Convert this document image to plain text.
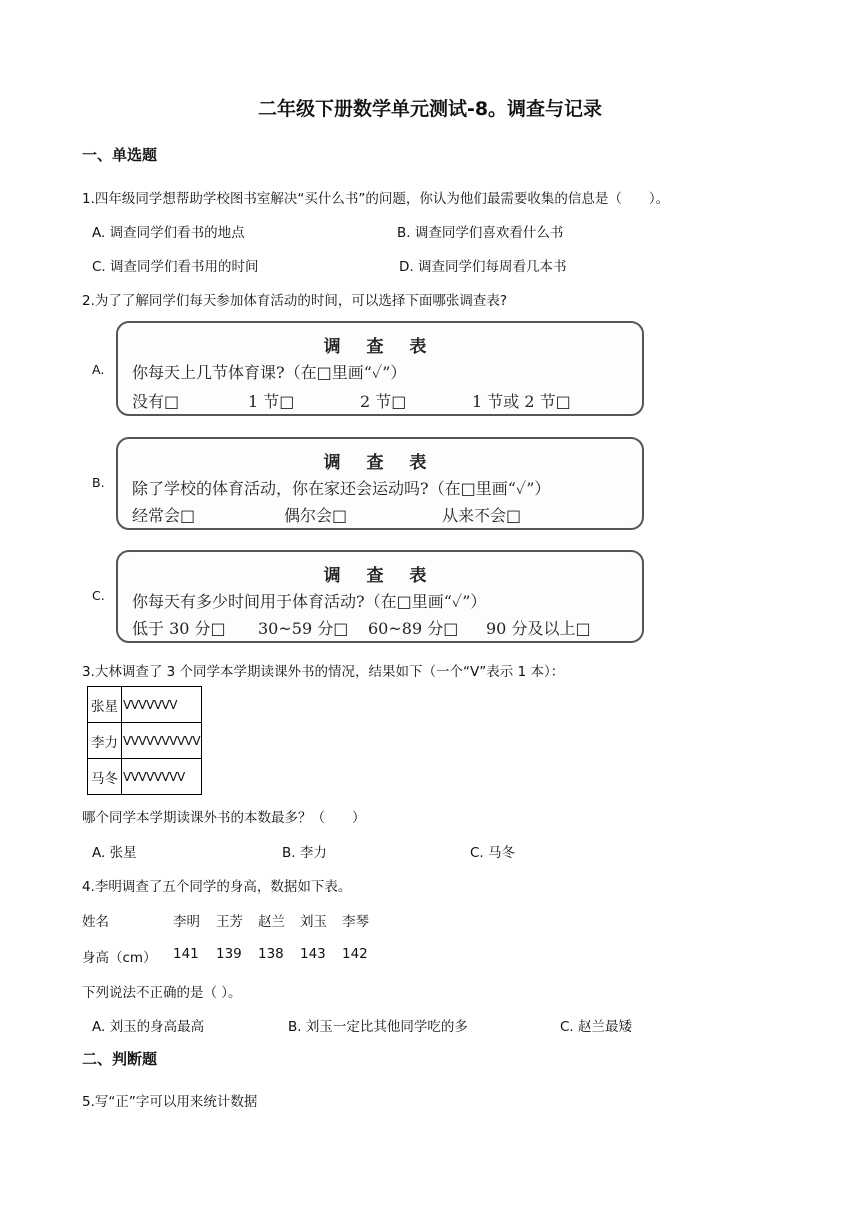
二年级下册数学单元测试-8。调查与记录
一、单选题
1.四年级同学想帮助学校图书室解决“买什么书”的问题，你认为他们最需要收集的信息是（　　）。
A. 调查同学们看书的地点	B. 调查同学们喜欢看什么书
C. 调查同学们看书用的时间	D. 调查同学们每周看几本书
2.为了了解同学们每天参加体育活动的时间，可以选择下面哪张调查表?
A.
调 查 表
你每天上几节体育课?（在□里画“✓”）
没有□	1 节□	2 节□	1 节或 2 节□
B.
调 查 表
除了学校的体育活动，你在家还会运动吗?（在□里画“✓”）
经常会□	偶尔会□	从来不会□
C.
调 查 表
你每天有多少时间用于体育活动?（在□里画“✓”）
低于 30 分□ 30~59 分□ 60~89 分□ 90 分及以上□
3.大林调查了 3 个同学本学期读课外书的情况，结果如下（一个“V”表示 1 本）：
张星	VVVVVVV
李力	VVVVVVVVVV
马冬	VVVVVVVV
哪个同学本学期读课外书的本数最多？（　　）
A. 张星	B. 李力	C. 马冬
4.李明调查了五个同学的身高，数据如下表。
姓名	李明 王芳 赵兰 刘玉 李琴
身高（cm） 141 139 138 143 142
下列说法不正确的是（ ）。
A. 刘玉的身高最高	B. 刘玉一定比其他同学吃的多	C. 赵兰最矮
二、判断题
5.写“正”字可以用来统计数据
